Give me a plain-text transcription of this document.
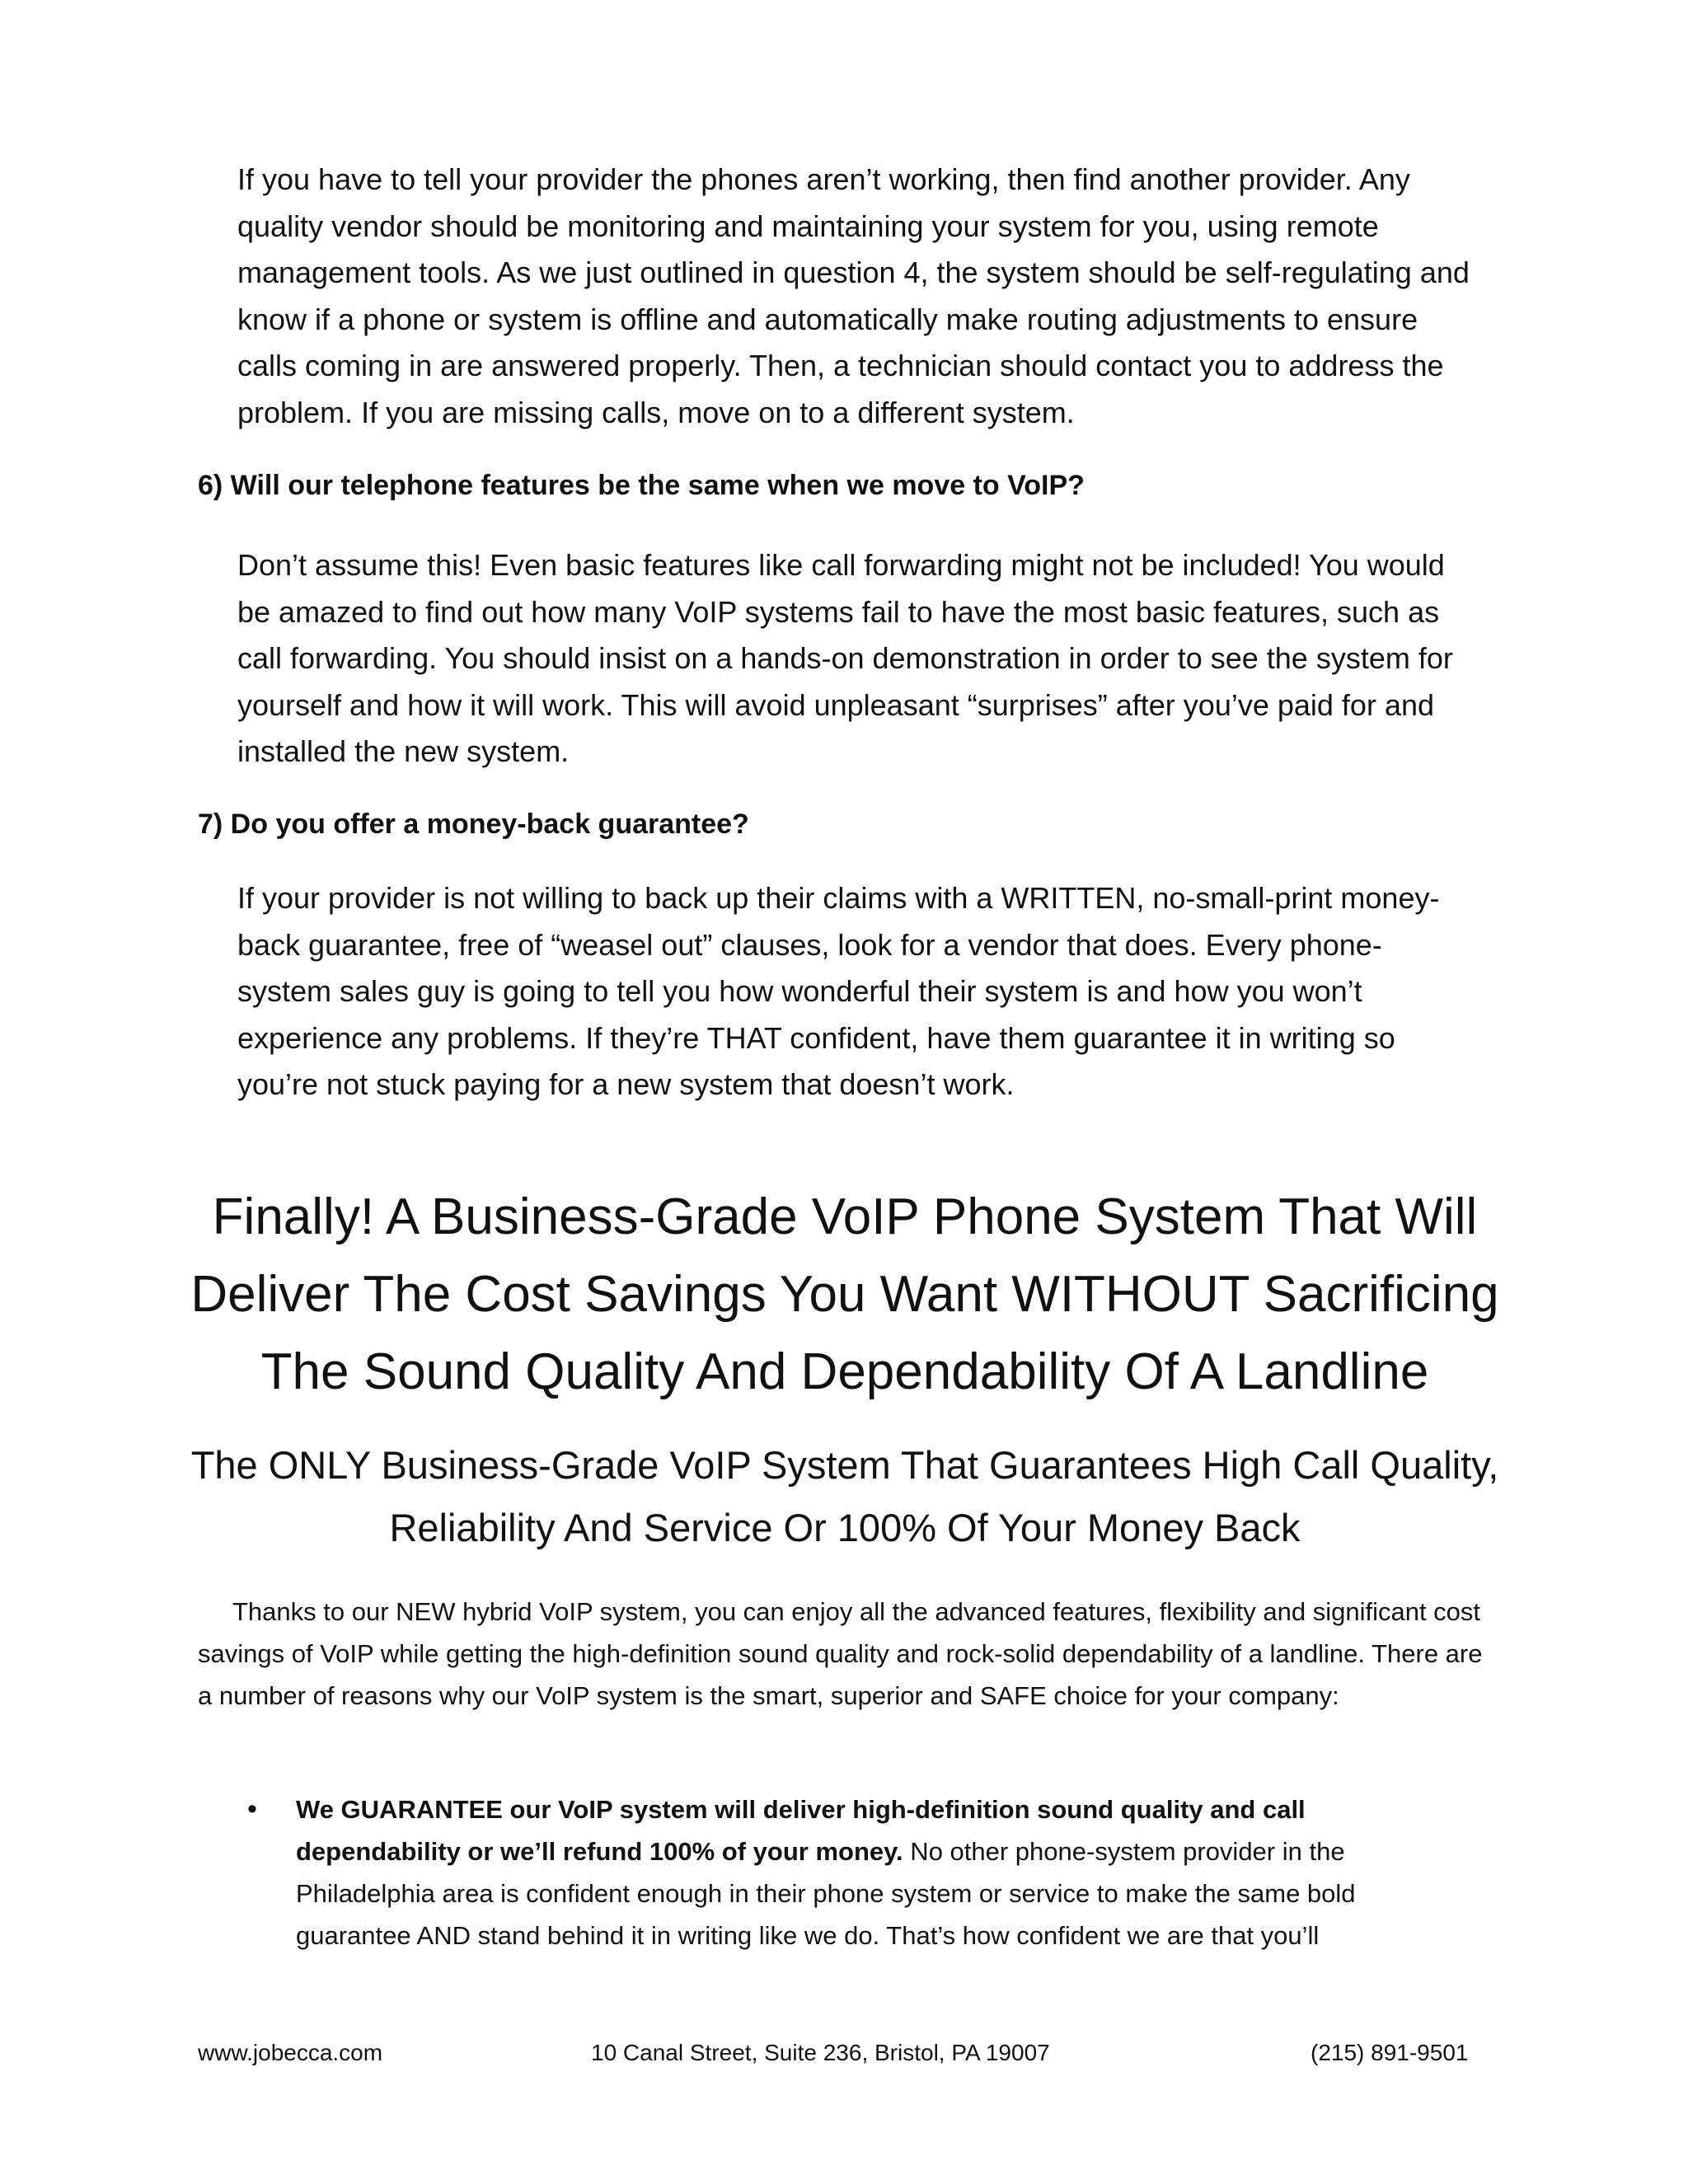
If you have to tell your provider the phones aren’t working, then find another provider. Any quality vendor should be monitoring and maintaining your system for you, using remote management tools. As we just outlined in question 4, the system should be self-regulating and know if a phone or system is offline and automatically make routing adjustments to ensure calls coming in are answered properly. Then, a technician should contact you to address the problem. If you are missing calls, move on to a different system.

6) Will our telephone features be the same when we move to VoIP?

Don’t assume this! Even basic features like call forwarding might not be included! You would be amazed to find out how many VoIP systems fail to have the most basic features, such as call forwarding. You should insist on a hands-on demonstration in order to see the system for yourself and how it will work. This will avoid unpleasant “surprises” after you’ve paid for and installed the new system.

7) Do you offer a money-back guarantee?

If your provider is not willing to back up their claims with a WRITTEN, no-small-print money-back guarantee, free of “weasel out” clauses, look for a vendor that does. Every phone-system sales guy is going to tell you how wonderful their system is and how you won’t experience any problems. If they’re THAT confident, have them guarantee it in writing so you’re not stuck paying for a new system that doesn’t work.

Finally! A Business-Grade VoIP Phone System That Will Deliver The Cost Savings You Want WITHOUT Sacrificing The Sound Quality And Dependability Of A Landline
The ONLY Business-Grade VoIP System That Guarantees High Call Quality, Reliability And Service Or 100% Of Your Money Back

Thanks to our NEW hybrid VoIP system, you can enjoy all the advanced features, flexibility and significant cost savings of VoIP while getting the high-definition sound quality and rock-solid dependability of a landline. There are a number of reasons why our VoIP system is the smart, superior and SAFE choice for your company:

•	We GUARANTEE our VoIP system will deliver high-definition sound quality and call dependability or we’ll refund 100% of your money. No other phone-system provider in the Philadelphia area is confident enough in their phone system or service to make the same bold guarantee AND stand behind it in writing like we do. That’s how confident we are that you’ll

www.jobecca.com	10 Canal Street, Suite 236, Bristol, PA 19007	(215) 891-9501
